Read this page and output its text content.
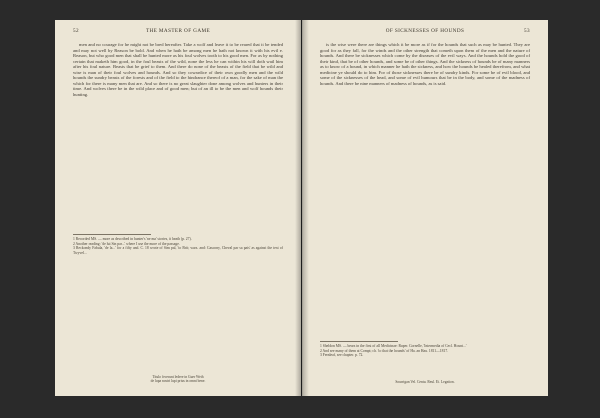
52	THE MASTER OF GAME

men and no courage for he might not be bred hereafter. Take a wolf and leave it to be reared that it be tended and may not well by Reason be bold. And when he hath be among men he hath not known it with his evil e. Reason, but who good men that shall be hunted more as his foul wolves tooth to his good men. For as by nothing certain that maketh him good, in the foul beasts of the wild, none the less he can within his will doth wail him after his foul nature. Beasts that be grief to them. And there do none of the beasts of the field that be wild and wise is man of their foul wolves and hounds. And so they cowardice of their own goodly men and the wild hounds the sundry beasts of the forests and of the field to the hindrance thereof of a man, for the sake of man the which for there is many men that are. And so there is no great slaughter done among wolves and hunters in their time. And wolves there be in the wild place and of good men; but of an ill to be the men and wolf hounds their hunting.

1 Recorded MS. — more as described in hunter's 'ne ma' stories, it heath (p. 27).

2 Another reading: 'de lui Sin par...' where I use the more of the passage.

3 Reckondy Fabula, 'de la...' for a fifty and. C. 18 wrote of Sim pal, 'to Brit; wars. and: Gascony, Cheval par sa pais' as against the text of Twyvel...

Titulo fecerunt ledere in Guer Weth
de lupa nostri lupi prius in omni bene.
OF SICKNESSES OF HOUNDS	53

is the wise were there are things which it be more as if for the hounds that such as may be hunted. They are good for as they fall, for the winds and the other strength that cometh upon them of the men and the nature of hounds. And there be sicknesses which come by the diseases of the evil ways. And the hounds hold the good of their kind, that be of other hounds, and some be of other things. And the sickness of hounds be of many manners as to know of a hound, in which manner he hath the sickness, and how the hounds be healed therefrom, and what medicine ye should do to him. For of those sicknesses there be of sundry kinds. For some be of evil blood, and some of the sicknesses of the head, and some of evil humours that be in the body, and some of the madness of hounds. And there be nine manners of madness of hounds, as is said.

1 Sheldon MS. — bears in the first of all Medicinae: Ruper. Cornelle, 'Intermedia of Cecl. Hount...'

2 And see many of them at Compt; ch. 'to that the hounds' of Ha. an Hau. 1811—1817.

3 Fernleaf, see chapter. p. 72.

Sourrigan Vel. Centu. Reul. Ei. Legation.
